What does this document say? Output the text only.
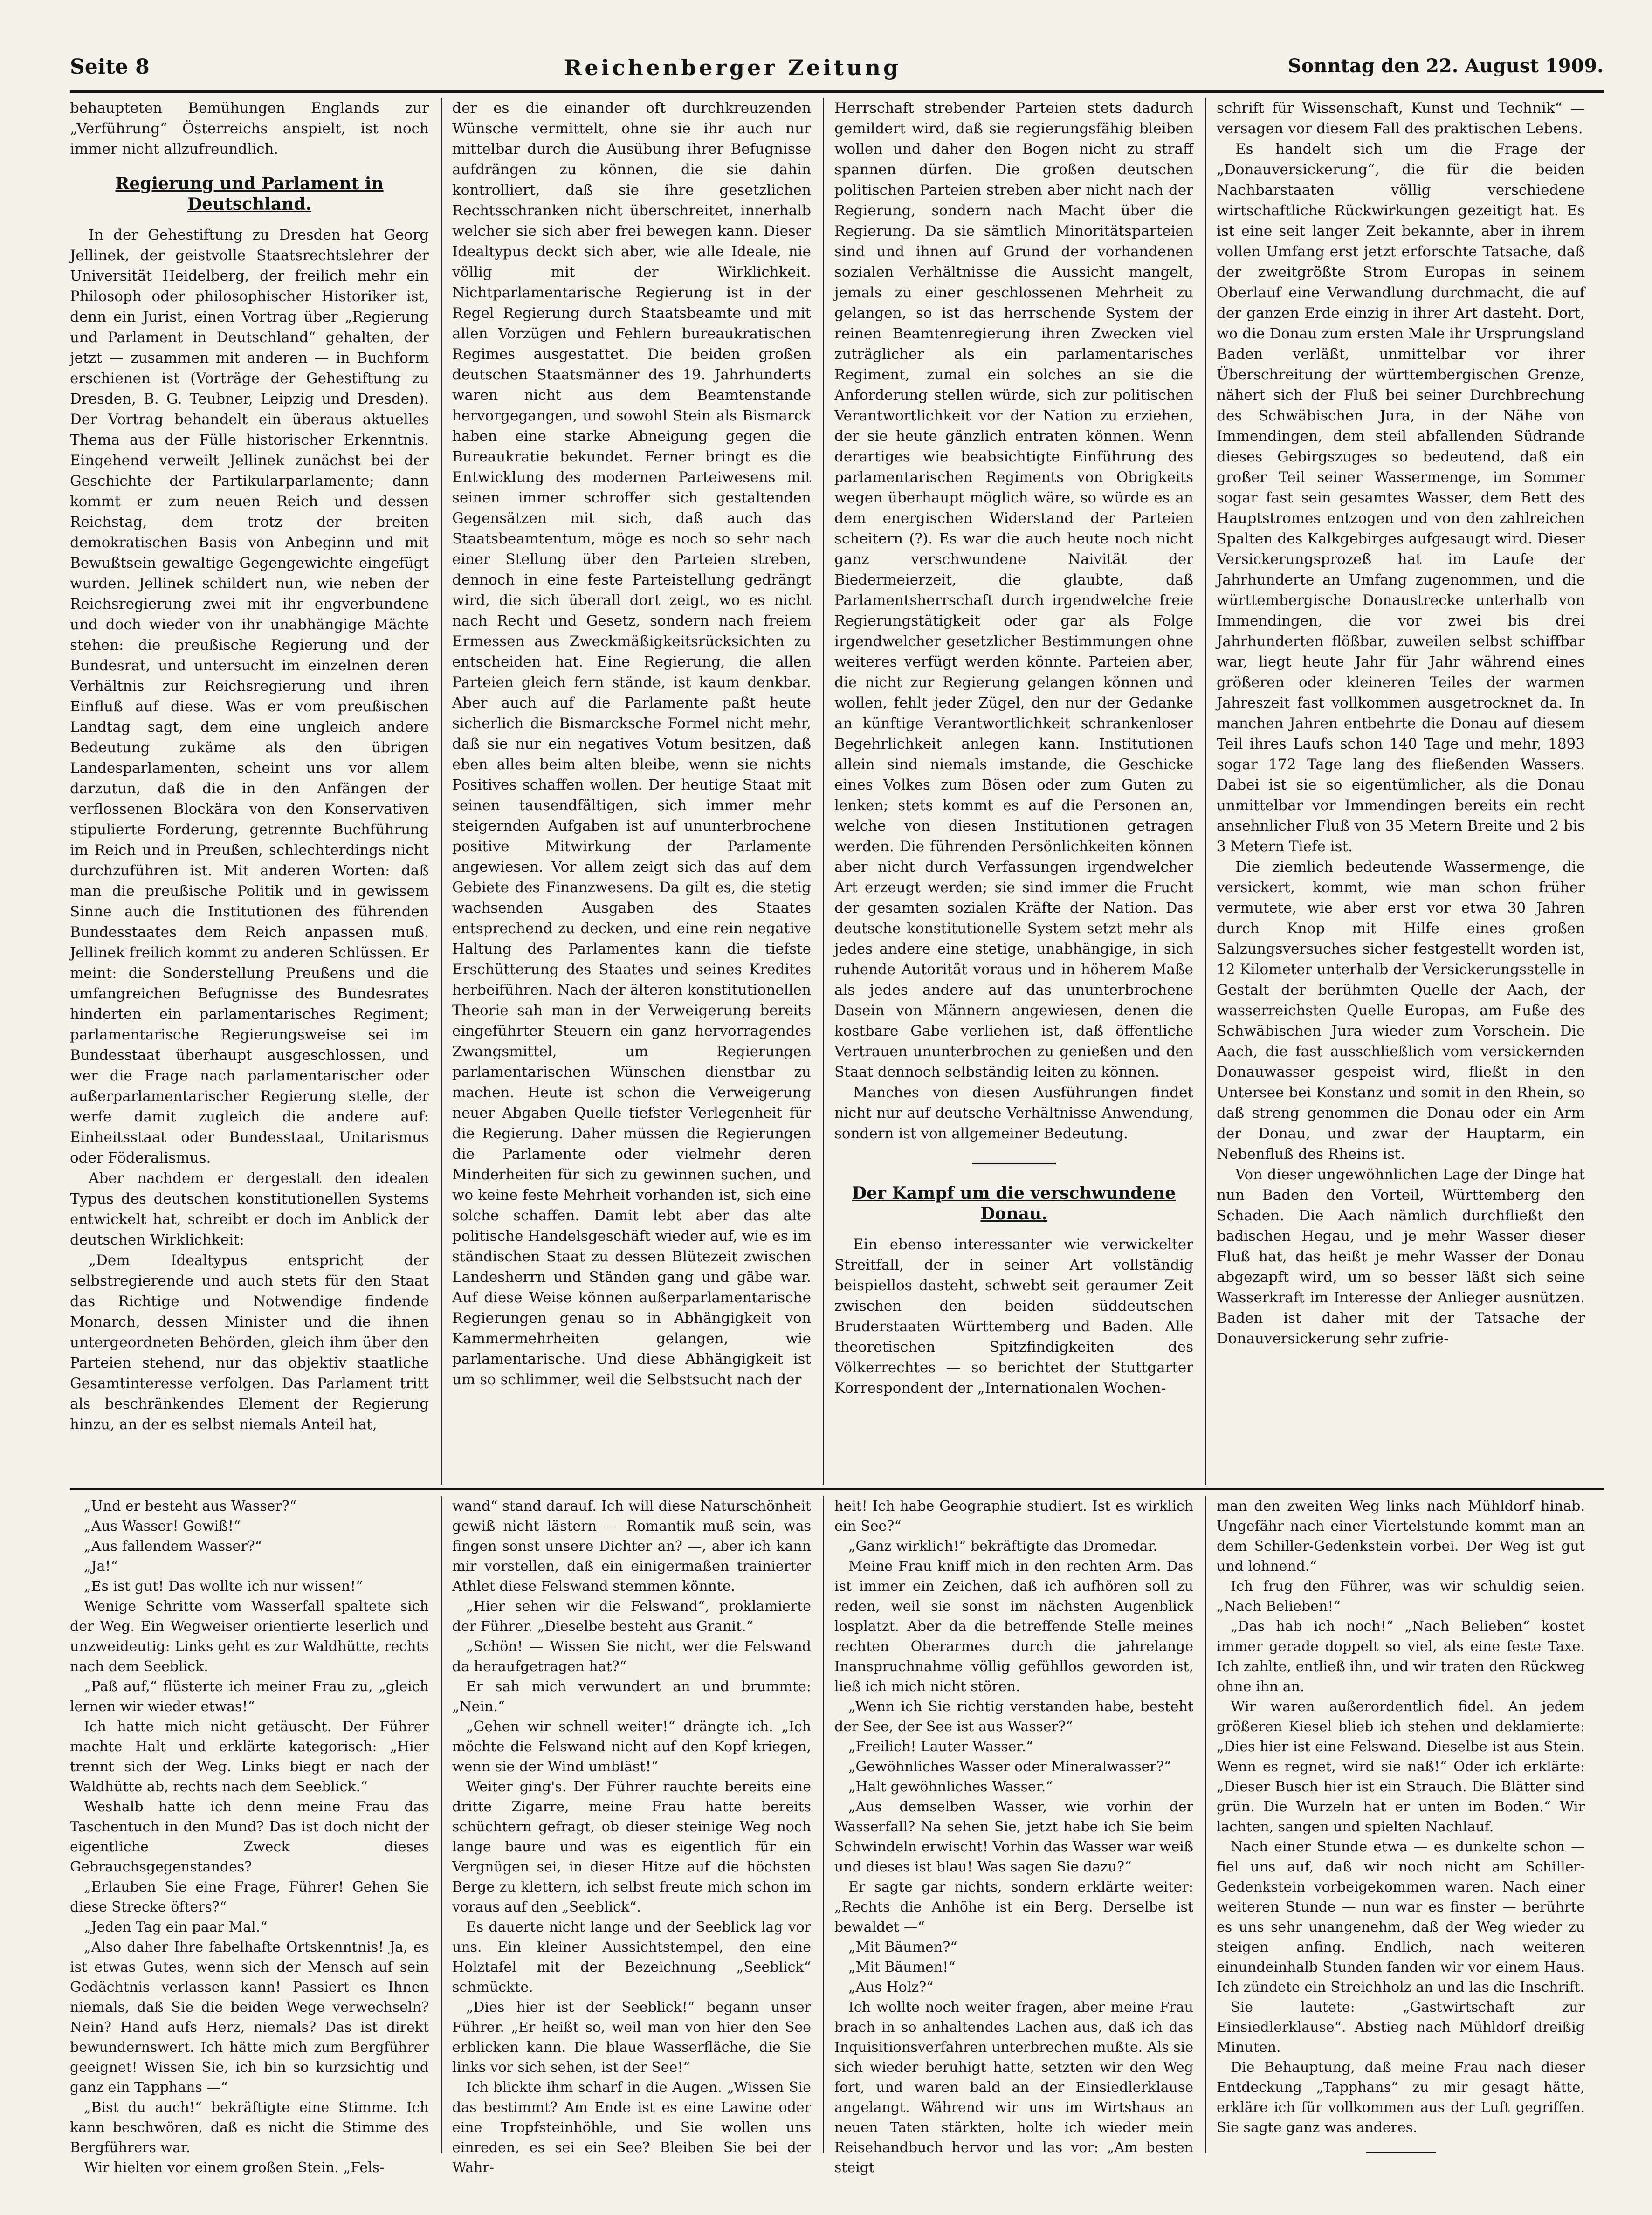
Seite 8	Reichenberger Zeitung	Sonntag den 22. August 1909.

behaupteten Bemühungen Englands zur „Verführung“ Österreichs anspielt, ist noch immer nicht allzufreundlich.

Regierung und Parlament in Deutschland.

In der Gehestiftung zu Dresden hat Georg Jellinek, der geistvolle Staatsrechtslehrer der Universität Heidelberg, der freilich mehr ein Philosoph oder philosophischer Historiker ist, denn ein Jurist, einen Vortrag über „Regierung und Parlament in Deutschland“ gehalten, der jetzt — zusammen mit anderen — in Buchform erschienen ist (Vorträge der Gehestiftung zu Dresden, B. G. Teubner, Leipzig und Dresden). Der Vortrag behandelt ein überaus aktuelles Thema aus der Fülle historischer Erkenntnis. Eingehend verweilt Jellinek zunächst bei der Geschichte der Partikularparlamente; dann kommt er zum neuen Reich und dessen Reichstag, dem trotz der breiten demokratischen Basis von Anbeginn und mit Bewußtsein gewaltige Gegengewichte eingefügt wurden. Jellinek schildert nun, wie neben der Reichsregierung zwei mit ihr engverbundene und doch wieder von ihr unabhängige Mächte stehen: die preußische Regierung und der Bundesrat, und untersucht im einzelnen deren Verhältnis zur Reichsregierung und ihren Einfluß auf diese. Was er vom preußischen Landtag sagt, dem eine ungleich andere Bedeutung zukäme als den übrigen Landesparlamenten, scheint uns vor allem darzutun, daß die in den Anfängen der verflossenen Blockära von den Konservativen stipulierte Forderung, getrennte Buchführung im Reich und in Preußen, schlechterdings nicht durchzuführen ist. Mit anderen Worten: daß man die preußische Politik und in gewissem Sinne auch die Institutionen des führenden Bundesstaates dem Reich anpassen muß. Jellinek freilich kommt zu anderen Schlüssen. Er meint: die Sonderstellung Preußens und die umfangreichen Befugnisse des Bundesrates hinderten ein parlamentarisches Regiment; parlamentarische Regierungsweise sei im Bundesstaat überhaupt ausgeschlossen, und wer die Frage nach parlamentarischer oder außerparlamentarischer Regierung stelle, der werfe damit zugleich die andere auf: Einheitsstaat oder Bundesstaat, Unitarismus oder Föderalismus.

Aber nachdem er dergestalt den idealen Typus des deutschen konstitutionellen Systems entwickelt hat, schreibt er doch im Anblick der deutschen Wirklichkeit:

„Dem Idealtypus entspricht der selbstregierende und auch stets für den Staat das Richtige und Notwendige findende Monarch, dessen Minister und die ihnen untergeordneten Behörden, gleich ihm über den Parteien stehend, nur das objektiv staatliche Gesamtinteresse verfolgen. Das Parlament tritt als beschränkendes Element der Regierung hinzu, an der es selbst niemals Anteil hat,

der es die einander oft durchkreuzenden Wünsche vermittelt, ohne sie ihr auch nur mittelbar durch die Ausübung ihrer Befugnisse aufdrängen zu können, die sie dahin kontrolliert, daß sie ihre gesetzlichen Rechtsschranken nicht überschreitet, innerhalb welcher sie sich aber frei bewegen kann. Dieser Idealtypus deckt sich aber, wie alle Ideale, nie völlig mit der Wirklichkeit. Nichtparlamentarische Regierung ist in der Regel Regierung durch Staatsbeamte und mit allen Vorzügen und Fehlern bureaukratischen Regimes ausgestattet. Die beiden großen deutschen Staatsmänner des 19. Jahrhunderts waren nicht aus dem Beamtenstande hervorgegangen, und sowohl Stein als Bismarck haben eine starke Abneigung gegen die Bureaukratie bekundet. Ferner bringt es die Entwicklung des modernen Parteiwesens mit seinen immer schroffer sich gestaltenden Gegensätzen mit sich, daß auch das Staatsbeamtentum, möge es noch so sehr nach einer Stellung über den Parteien streben, dennoch in eine feste Parteistellung gedrängt wird, die sich überall dort zeigt, wo es nicht nach Recht und Gesetz, sondern nach freiem Ermessen aus Zweckmäßigkeitsrücksichten zu entscheiden hat. Eine Regierung, die allen Parteien gleich fern stände, ist kaum denkbar. Aber auch auf die Parlamente paßt heute sicherlich die Bismarcksche Formel nicht mehr, daß sie nur ein negatives Votum besitzen, daß eben alles beim alten bleibe, wenn sie nichts Positives schaffen wollen. Der heutige Staat mit seinen tausendfältigen, sich immer mehr steigernden Aufgaben ist auf ununterbrochene positive Mitwirkung der Parlamente angewiesen. Vor allem zeigt sich das auf dem Gebiete des Finanzwesens. Da gilt es, die stetig wachsenden Ausgaben des Staates entsprechend zu decken, und eine rein negative Haltung des Parlamentes kann die tiefste Erschütterung des Staates und seines Kredites herbeiführen. Nach der älteren konstitutionellen Theorie sah man in der Verweigerung bereits eingeführter Steuern ein ganz hervorragendes Zwangsmittel, um Regierungen parlamentarischen Wünschen dienstbar zu machen. Heute ist schon die Verweigerung neuer Abgaben Quelle tiefster Verlegenheit für die Regierung. Daher müssen die Regierungen die Parlamente oder vielmehr deren Minderheiten für sich zu gewinnen suchen, und wo keine feste Mehrheit vorhanden ist, sich eine solche schaffen. Damit lebt aber das alte politische Handelsgeschäft wieder auf, wie es im ständischen Staat zu dessen Blütezeit zwischen Landesherrn und Ständen gang und gäbe war. Auf diese Weise können außerparlamentarische Regierungen genau so in Abhängigkeit von Kammermehrheiten gelangen, wie parlamentarische. Und diese Abhängigkeit ist um so schlimmer, weil die Selbstsucht nach der

Herrschaft strebender Parteien stets dadurch gemildert wird, daß sie regierungsfähig bleiben wollen und daher den Bogen nicht zu straff spannen dürfen. Die großen deutschen politischen Parteien streben aber nicht nach der Regierung, sondern nach Macht über die Regierung. Da sie sämtlich Minoritätsparteien sind und ihnen auf Grund der vorhandenen sozialen Verhältnisse die Aussicht mangelt, jemals zu einer geschlossenen Mehrheit zu gelangen, so ist das herrschende System der reinen Beamtenregierung ihren Zwecken viel zuträglicher als ein parlamentarisches Regiment, zumal ein solches an sie die Anforderung stellen würde, sich zur politischen Verantwortlichkeit vor der Nation zu erziehen, der sie heute gänzlich entraten können. Wenn derartiges wie beabsichtigte Einführung des parlamentarischen Regiments von Obrigkeits wegen überhaupt möglich wäre, so würde es an dem energischen Widerstand der Parteien scheitern (?). Es war die auch heute noch nicht ganz verschwundene Naivität der Biedermeierzeit, die glaubte, daß Parlamentsherrschaft durch irgendwelche freie Regierungstätigkeit oder gar als Folge irgendwelcher gesetzlicher Bestimmungen ohne weiteres verfügt werden könnte. Parteien aber, die nicht zur Regierung gelangen können und wollen, fehlt jeder Zügel, den nur der Gedanke an künftige Verantwortlichkeit schrankenloser Begehrlichkeit anlegen kann. Institutionen allein sind niemals imstande, die Geschicke eines Volkes zum Bösen oder zum Guten zu lenken; stets kommt es auf die Personen an, welche von diesen Institutionen getragen werden. Die führenden Persönlichkeiten können aber nicht durch Verfassungen irgendwelcher Art erzeugt werden; sie sind immer die Frucht der gesamten sozialen Kräfte der Nation. Das deutsche konstitutionelle System setzt mehr als jedes andere eine stetige, unabhängige, in sich ruhende Autorität voraus und in höherem Maße als jedes andere auf das ununterbrochene Dasein von Männern angewiesen, denen die kostbare Gabe verliehen ist, daß öffentliche Vertrauen ununterbrochen zu genießen und den Staat dennoch selbständig leiten zu können.

Manches von diesen Ausführungen findet nicht nur auf deutsche Verhältnisse Anwendung, sondern ist von allgemeiner Bedeutung.

Der Kampf um die verschwundene Donau.

Ein ebenso interessanter wie verwickelter Streitfall, der in seiner Art vollständig beispiellos dasteht, schwebt seit geraumer Zeit zwischen den beiden süddeutschen Bruderstaaten Württemberg und Baden. Alle theoretischen Spitzfindigkeiten des Völkerrechtes — so berichtet der Stuttgarter Korrespondent der „Internationalen Wochen-

schrift für Wissenschaft, Kunst und Technik“ — versagen vor diesem Fall des praktischen Lebens.

Es handelt sich um die Frage der „Donauversickerung“, die für die beiden Nachbarstaaten völlig verschiedene wirtschaftliche Rückwirkungen gezeitigt hat. Es ist eine seit langer Zeit bekannte, aber in ihrem vollen Umfang erst jetzt erforschte Tatsache, daß der zweitgrößte Strom Europas in seinem Oberlauf eine Verwandlung durchmacht, die auf der ganzen Erde einzig in ihrer Art dasteht. Dort, wo die Donau zum ersten Male ihr Ursprungsland Baden verläßt, unmittelbar vor ihrer Überschreitung der württembergischen Grenze, nähert sich der Fluß bei seiner Durchbrechung des Schwäbischen Jura, in der Nähe von Immendingen, dem steil abfallenden Südrande dieses Gebirgszuges so bedeutend, daß ein großer Teil seiner Wassermenge, im Sommer sogar fast sein gesamtes Wasser, dem Bett des Hauptstromes entzogen und von den zahlreichen Spalten des Kalkgebirges aufgesaugt wird. Dieser Versickerungsprozeß hat im Laufe der Jahrhunderte an Umfang zugenommen, und die württembergische Donaustrecke unterhalb von Immendingen, die vor zwei bis drei Jahrhunderten flößbar, zuweilen selbst schiffbar war, liegt heute Jahr für Jahr während eines größeren oder kleineren Teiles der warmen Jahreszeit fast vollkommen ausgetrocknet da. In manchen Jahren entbehrte die Donau auf diesem Teil ihres Laufs schon 140 Tage und mehr, 1893 sogar 172 Tage lang des fließenden Wassers. Dabei ist sie so eigentümlicher, als die Donau unmittelbar vor Immendingen bereits ein recht ansehnlicher Fluß von 35 Metern Breite und 2 bis 3 Metern Tiefe ist.

Die ziemlich bedeutende Wassermenge, die versickert, kommt, wie man schon früher vermutete, wie aber erst vor etwa 30 Jahren durch Knop mit Hilfe eines großen Salzungsversuches sicher festgestellt worden ist, 12 Kilometer unterhalb der Versickerungsstelle in Gestalt der berühmten Quelle der Aach, der wasserreichsten Quelle Europas, am Fuße des Schwäbischen Jura wieder zum Vorschein. Die Aach, die fast ausschließlich vom versickernden Donauwasser gespeist wird, fließt in den Untersee bei Konstanz und somit in den Rhein, so daß streng genommen die Donau oder ein Arm der Donau, und zwar der Hauptarm, ein Nebenfluß des Rheins ist.

Von dieser ungewöhnlichen Lage der Dinge hat nun Baden den Vorteil, Württemberg den Schaden. Die Aach nämlich durchfließt den badischen Hegau, und je mehr Wasser dieser Fluß hat, das heißt je mehr Wasser der Donau abgezapft wird, um so besser läßt sich seine Wasserkraft im Interesse der Anlieger ausnützen. Baden ist daher mit der Tatsache der Donauversickerung sehr zufrie-

„Und er besteht aus Wasser?“

„Aus Wasser! Gewiß!“

„Aus fallendem Wasser?“

„Ja!“

„Es ist gut! Das wollte ich nur wissen!“

Wenige Schritte vom Wasserfall spaltete sich der Weg. Ein Wegweiser orientierte leserlich und unzweideutig: Links geht es zur Waldhütte, rechts nach dem Seeblick.

„Paß auf,“ flüsterte ich meiner Frau zu, „gleich lernen wir wieder etwas!“

Ich hatte mich nicht getäuscht. Der Führer machte Halt und erklärte kategorisch: „Hier trennt sich der Weg. Links biegt er nach der Waldhütte ab, rechts nach dem Seeblick.“

Weshalb hatte ich denn meine Frau das Taschentuch in den Mund? Das ist doch nicht der eigentliche Zweck dieses Gebrauchsgegenstandes?

„Erlauben Sie eine Frage, Führer! Gehen Sie diese Strecke öfters?“

„Jeden Tag ein paar Mal.“

„Also daher Ihre fabelhafte Ortskenntnis! Ja, es ist etwas Gutes, wenn sich der Mensch auf sein Gedächtnis verlassen kann! Passiert es Ihnen niemals, daß Sie die beiden Wege verwechseln? Nein? Hand aufs Herz, niemals? Das ist direkt bewundernswert. Ich hätte mich zum Bergführer geeignet! Wissen Sie, ich bin so kurzsichtig und ganz ein Tapphans —“

„Bist du auch!“ bekräftigte eine Stimme. Ich kann beschwören, daß es nicht die Stimme des Bergführers war.

Wir hielten vor einem großen Stein. „Fels-

wand“ stand darauf. Ich will diese Naturschönheit gewiß nicht lästern — Romantik muß sein, was fingen sonst unsere Dichter an? —, aber ich kann mir vorstellen, daß ein einigermaßen trainierter Athlet diese Felswand stemmen könnte.

„Hier sehen wir die Felswand“, proklamierte der Führer. „Dieselbe besteht aus Granit.“

„Schön! — Wissen Sie nicht, wer die Felswand da heraufgetragen hat?“

Er sah mich verwundert an und brummte: „Nein.“

„Gehen wir schnell weiter!“ drängte ich. „Ich möchte die Felswand nicht auf den Kopf kriegen, wenn sie der Wind umbläst!“

Weiter ging's. Der Führer rauchte bereits eine dritte Zigarre, meine Frau hatte bereits schüchtern gefragt, ob dieser steinige Weg noch lange baure und was es eigentlich für ein Vergnügen sei, in dieser Hitze auf die höchsten Berge zu klettern, ich selbst freute mich schon im voraus auf den „Seeblick“.

Es dauerte nicht lange und der Seeblick lag vor uns. Ein kleiner Aussichtstempel, den eine Holztafel mit der Bezeichnung „Seeblick“ schmückte.

„Dies hier ist der Seeblick!“ begann unser Führer. „Er heißt so, weil man von hier den See erblicken kann. Die blaue Wasserfläche, die Sie links vor sich sehen, ist der See!“

Ich blickte ihm scharf in die Augen. „Wissen Sie das bestimmt? Am Ende ist es eine Lawine oder eine Tropfsteinhöhle, und Sie wollen uns einreden, es sei ein See? Bleiben Sie bei der Wahr-

heit! Ich habe Geographie studiert. Ist es wirklich ein See?“

„Ganz wirklich!“ bekräftigte das Dromedar.

Meine Frau kniff mich in den rechten Arm. Das ist immer ein Zeichen, daß ich aufhören soll zu reden, weil sie sonst im nächsten Augenblick losplatzt. Aber da die betreffende Stelle meines rechten Oberarmes durch die jahrelange Inanspruchnahme völlig gefühllos geworden ist, ließ ich mich nicht stören.

„Wenn ich Sie richtig verstanden habe, besteht der See, der See ist aus Wasser?“

„Freilich! Lauter Wasser.“

„Gewöhnliches Wasser oder Mineralwasser?“

„Halt gewöhnliches Wasser.“

„Aus demselben Wasser, wie vorhin der Wasserfall? Na sehen Sie, jetzt habe ich Sie beim Schwindeln erwischt! Vorhin das Wasser war weiß und dieses ist blau! Was sagen Sie dazu?“

Er sagte gar nichts, sondern erklärte weiter: „Rechts die Anhöhe ist ein Berg. Derselbe ist bewaldet —“

„Mit Bäumen?“

„Mit Bäumen!“

„Aus Holz?“

Ich wollte noch weiter fragen, aber meine Frau brach in so anhaltendes Lachen aus, daß ich das Inquisitionsverfahren unterbrechen mußte. Als sie sich wieder beruhigt hatte, setzten wir den Weg fort, und waren bald an der Einsiedlerklause angelangt. Während wir uns im Wirtshaus an neuen Taten stärkten, holte ich wieder mein Reisehandbuch hervor und las vor: „Am besten steigt

man den zweiten Weg links nach Mühldorf hinab. Ungefähr nach einer Viertelstunde kommt man an dem Schiller-Gedenkstein vorbei. Der Weg ist gut und lohnend.“

Ich frug den Führer, was wir schuldig seien. „Nach Belieben!“

„Das hab ich noch!“ „Nach Belieben“ kostet immer gerade doppelt so viel, als eine feste Taxe. Ich zahlte, entließ ihn, und wir traten den Rückweg ohne ihn an.

Wir waren außerordentlich fidel. An jedem größeren Kiesel blieb ich stehen und deklamierte: „Dies hier ist eine Felswand. Dieselbe ist aus Stein. Wenn es regnet, wird sie naß!“ Oder ich erklärte: „Dieser Busch hier ist ein Strauch. Die Blätter sind grün. Die Wurzeln hat er unten im Boden.“ Wir lachten, sangen und spielten Nachlauf.

Nach einer Stunde etwa — es dunkelte schon — fiel uns auf, daß wir noch nicht am Schiller-Gedenkstein vorbeigekommen waren. Nach einer weiteren Stunde — nun war es finster — berührte es uns sehr unangenehm, daß der Weg wieder zu steigen anfing. Endlich, nach weiteren einundeinhalb Stunden fanden wir vor einem Haus. Ich zündete ein Streichholz an und las die Inschrift.

Sie lautete: „Gastwirtschaft zur Einsiedlerklause“. Abstieg nach Mühldorf dreißig Minuten.

Die Behauptung, daß meine Frau nach dieser Entdeckung „Tapphans“ zu mir gesagt hätte, erkläre ich für vollkommen aus der Luft gegriffen. Sie sagte ganz was anderes.
